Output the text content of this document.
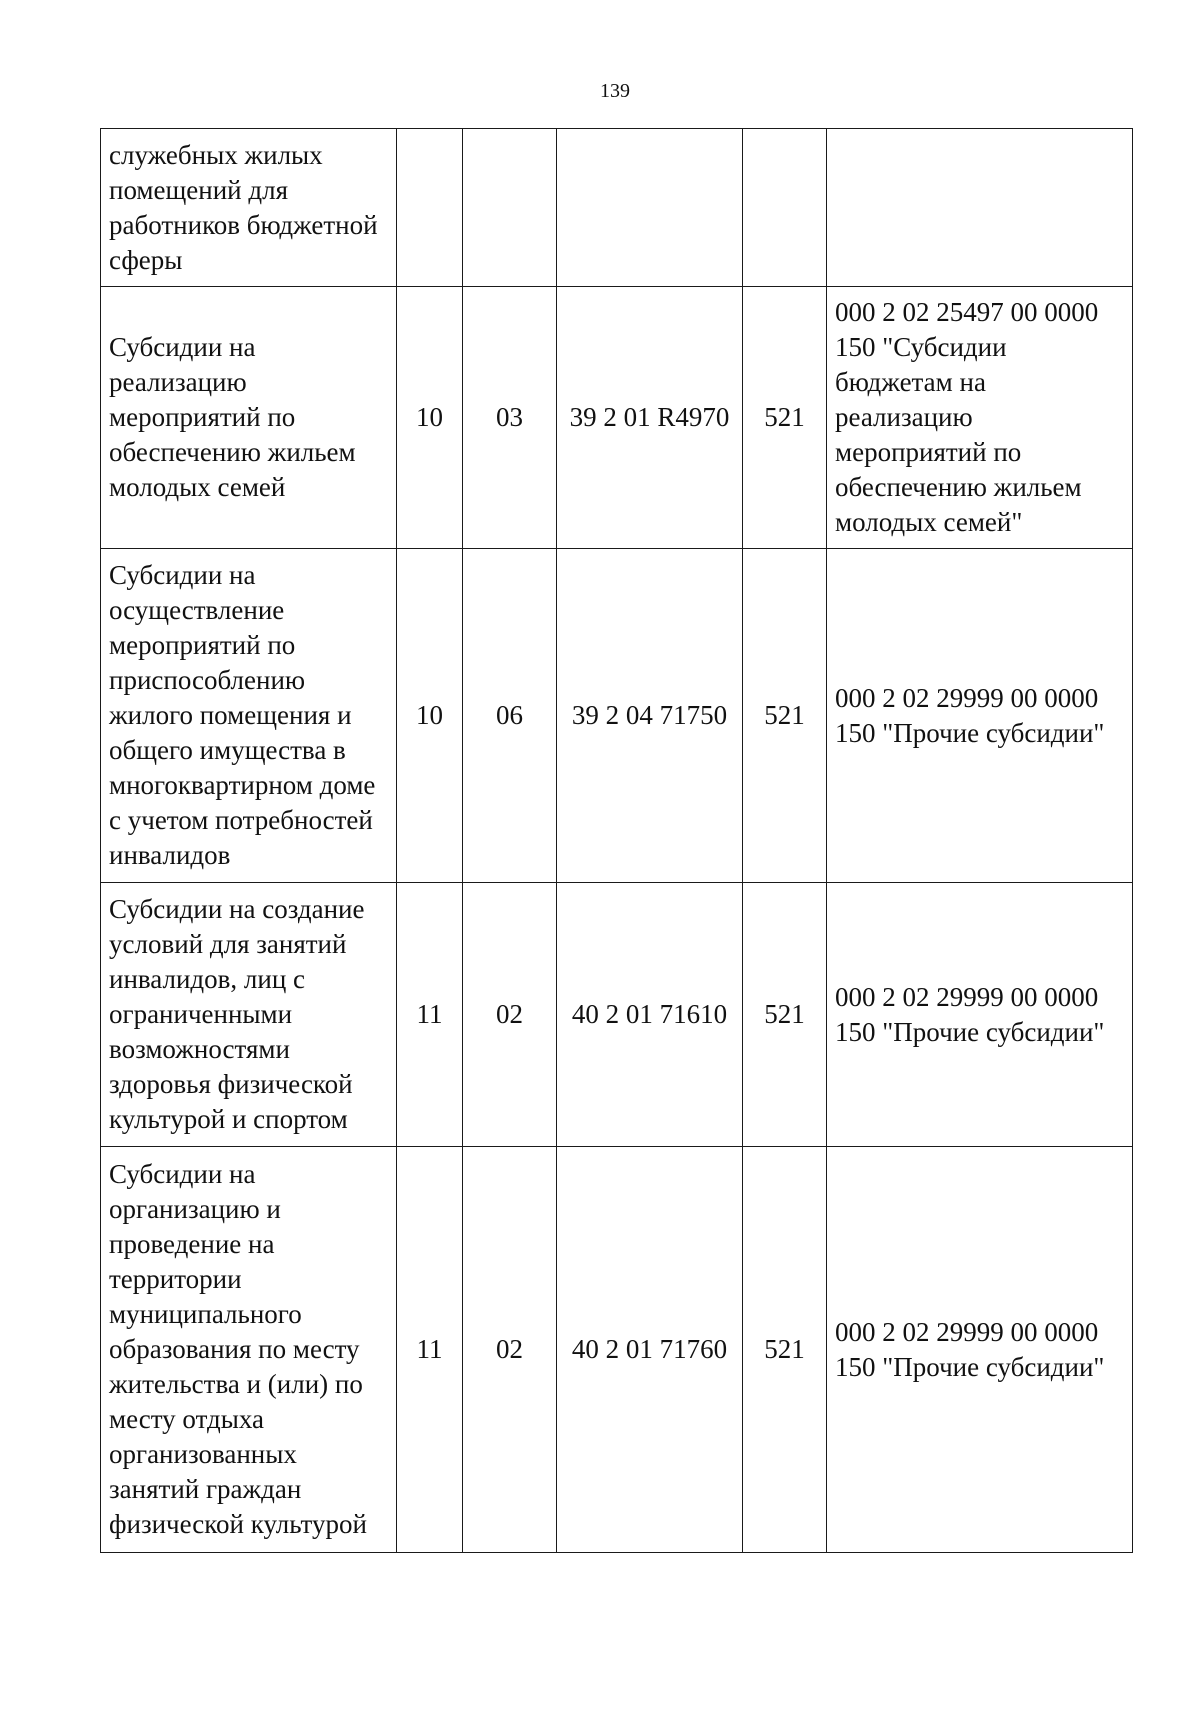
139
служебных жилых помещений для работников бюджетной сферы					
Субсидии на реализацию мероприятий по обеспечению жильем молодых семей	10	03	39 2 01 R4970	521	000 2 02 25497 00 0000 150 "Субсидии бюджетам на реализацию мероприятий по обеспечению жильем молодых семей"
Субсидии на осуществление мероприятий по приспособлению жилого помещения и общего имущества в многоквартирном доме с учетом потребностей инвалидов	10	06	39 2 04 71750	521	000 2 02 29999 00 0000 150 "Прочие субсидии"
Субсидии на создание условий для занятий инвалидов, лиц с ограниченными возможностями здоровья физической культурой и спортом	11	02	40 2 01 71610	521	000 2 02 29999 00 0000 150 "Прочие субсидии"
Субсидии на организацию и проведение на территории муниципального образования по месту жительства и (или) по месту отдыха организованных занятий граждан физической культурой	11	02	40 2 01 71760	521	000 2 02 29999 00 0000 150 "Прочие субсидии"
